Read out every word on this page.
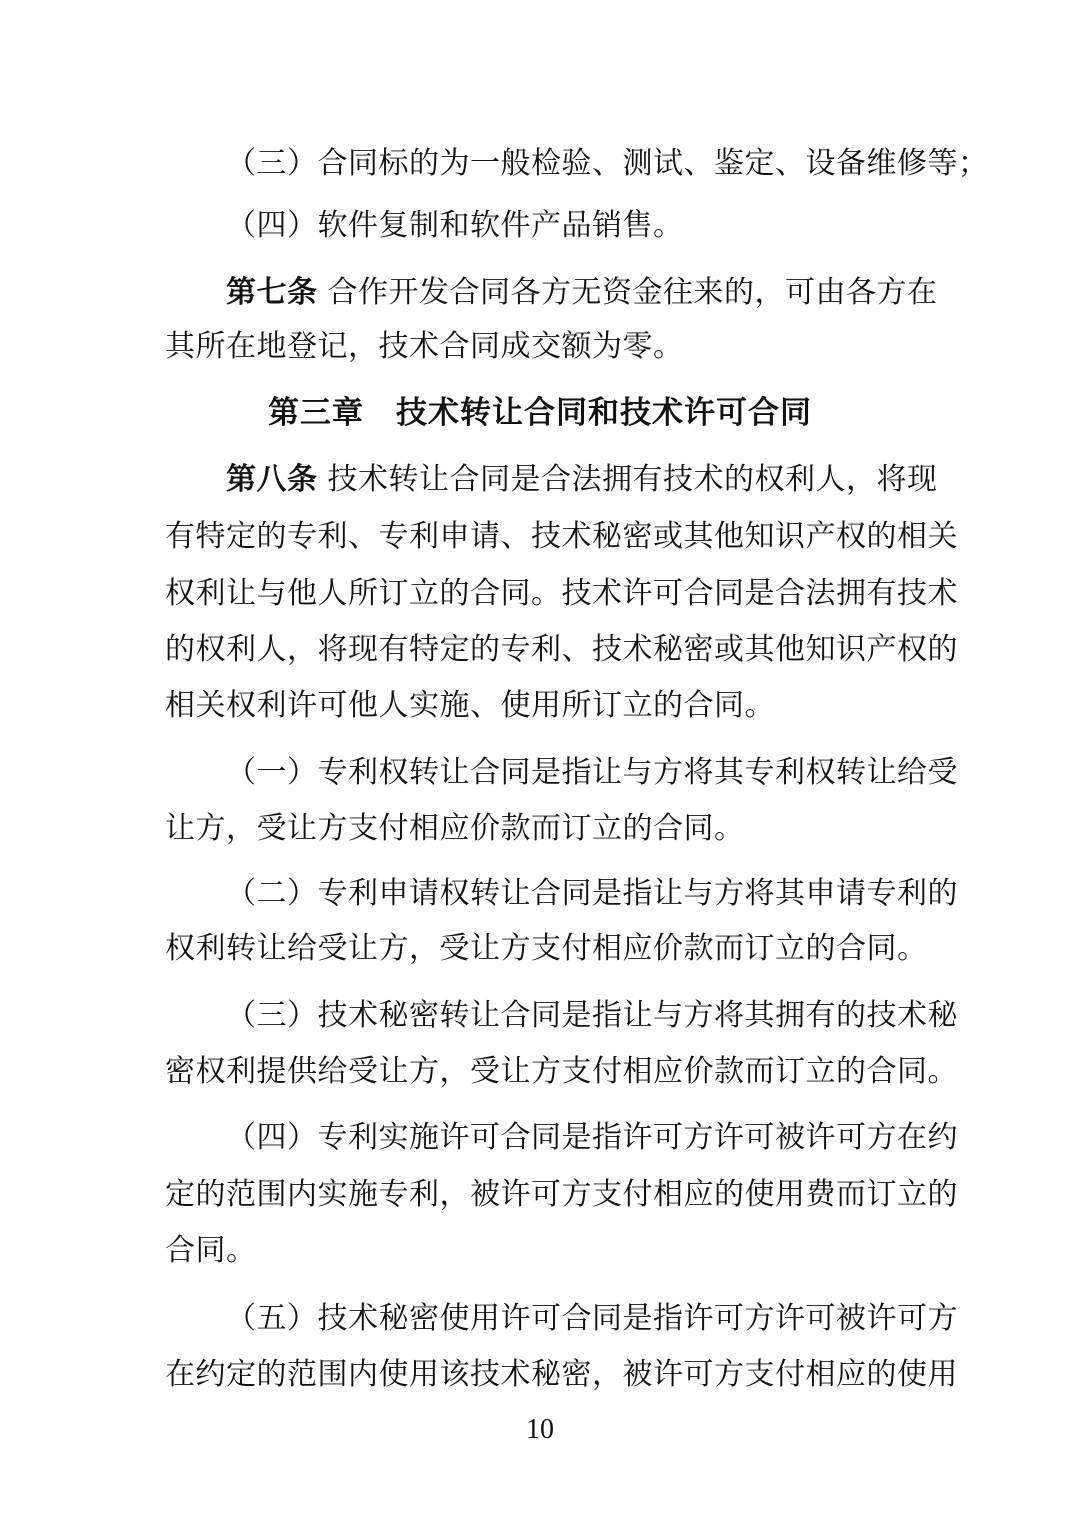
（三）合同标的为一般检验、测试、鉴定、设备维修等；
（四）软件复制和软件产品销售。
第七条 合作开发合同各方无资金往来的，可由各方在
其所在地登记，技术合同成交额为零。
第三章　技术转让合同和技术许可合同
第八条 技术转让合同是合法拥有技术的权利人，将现
有特定的专利、专利申请、技术秘密或其他知识产权的相关
权利让与他人所订立的合同。技术许可合同是合法拥有技术
的权利人，将现有特定的专利、技术秘密或其他知识产权的
相关权利许可他人实施、使用所订立的合同。
（一）专利权转让合同是指让与方将其专利权转让给受
让方，受让方支付相应价款而订立的合同。
（二）专利申请权转让合同是指让与方将其申请专利的
权利转让给受让方，受让方支付相应价款而订立的合同。
（三）技术秘密转让合同是指让与方将其拥有的技术秘
密权利提供给受让方，受让方支付相应价款而订立的合同。
（四）专利实施许可合同是指许可方许可被许可方在约
定的范围内实施专利，被许可方支付相应的使用费而订立的
合同。
（五）技术秘密使用许可合同是指许可方许可被许可方
在约定的范围内使用该技术秘密，被许可方支付相应的使用
10
